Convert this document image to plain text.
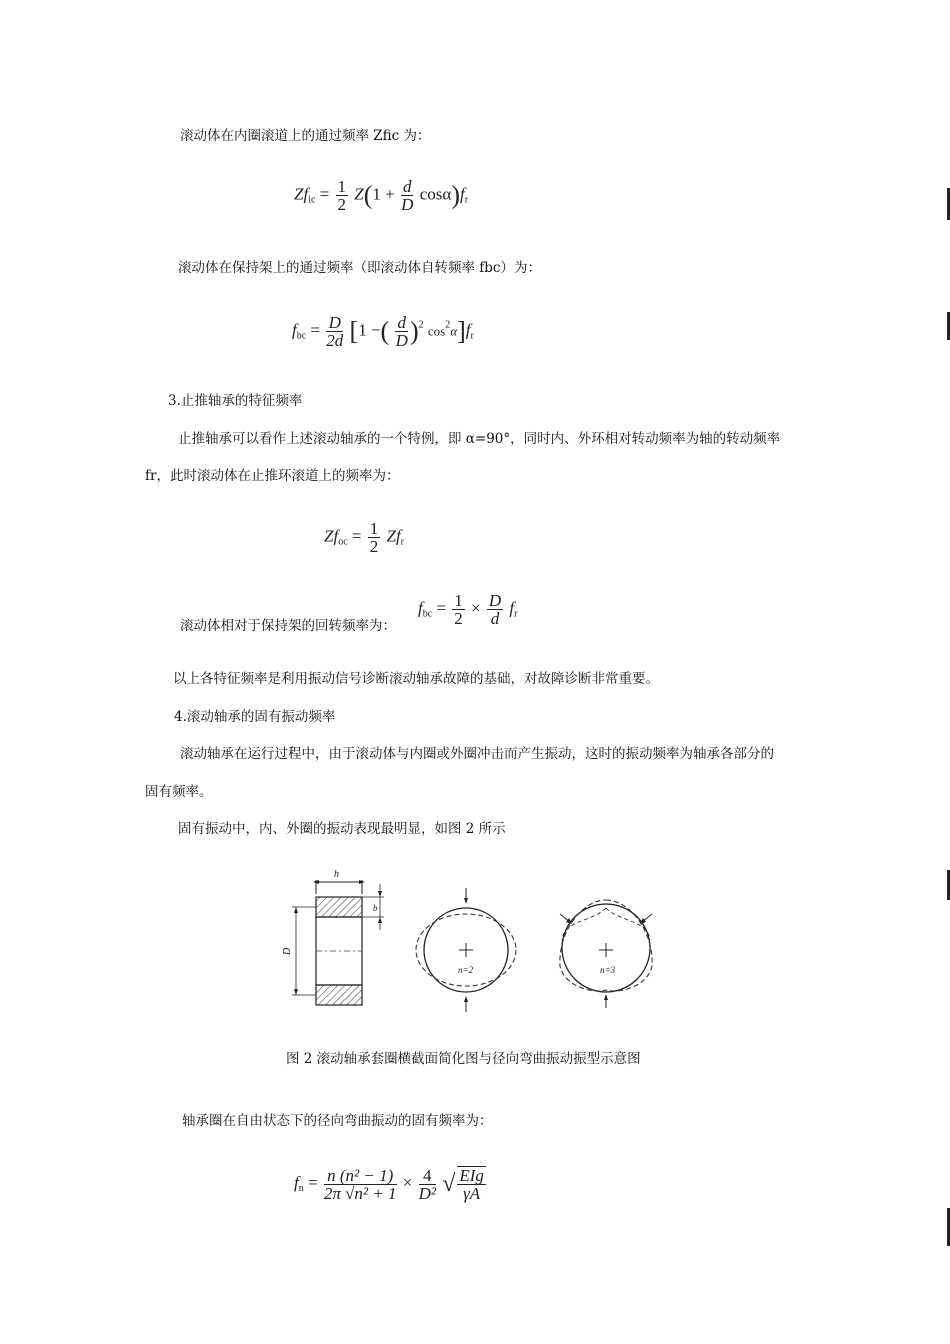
滚动体在内圈滚道上的通过频率 Zfic 为：
$Zf_{ic} = \frac{1}{2} Z(1 + \frac{d}{D} \cos\alpha)f_r$
滚动体在保持架上的通过频率（即滚动体自转频率 fbc）为：
$f_{bc} = \frac{D}{2d} [1$ −( $\frac{d}{D} )^2$ $\cos^2\alpha]f_r$
3.止推轴承的特征频率
止推轴承可以看作上述滚动轴承的一个特例，即 α=90°，同时内、外环相对转动频率为轴的转动频率
fr，此时滚动体在止推环滚道上的频率为：
$Zf_{oc} = \frac{1}{2} Zf_r$
滚动体相对于保持架的回转频率为：
$f_{bc} = \frac{1}{2} \times \frac{D}{d} f_r$
以上各特征频率是利用振动信号诊断滚动轴承故障的基础，对故障诊断非常重要。
4.滚动轴承的固有振动频率
滚动轴承在运行过程中，由于滚动体与内圈或外圈冲击而产生振动，这时的振动频率为轴承各部分的
固有频率。
固有振动中，内、外圈的振动表现最明显，如图 2 所示
h
b
D
n=2	n=3
图 2 滚动轴承套圈横截面简化图与径向弯曲振动振型示意图
轴承圈在自由状态下的径向弯曲振动的固有频率为：
$f_n = \frac{\text{n (n² − 1)}}{\text{2π √n² + 1}} \times \frac{4}{\text{D²}}$ √ $\frac{\text{EIg}}{\gamma A}$
